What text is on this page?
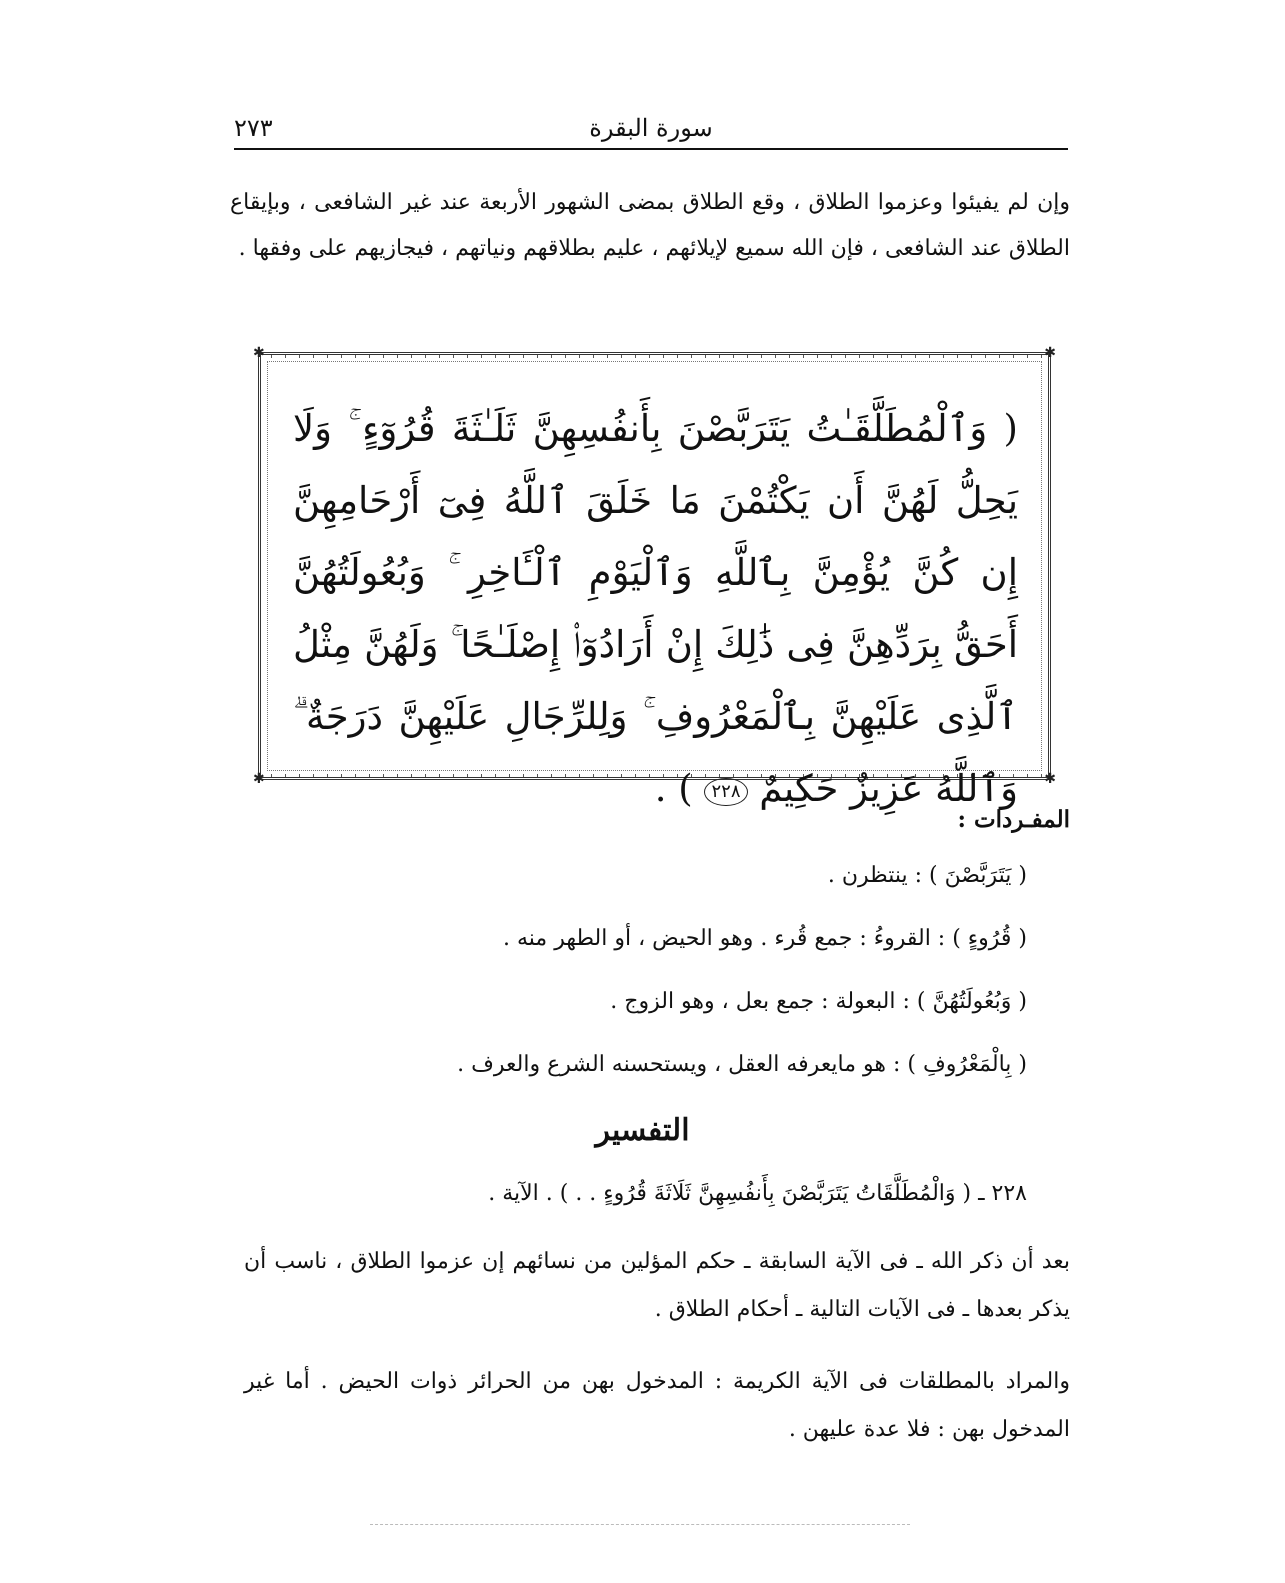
سورة البقرة
٢٧٣
وإن لم يفيئوا وعزموا الطلاق ، وقع الطلاق بمضى الشهور الأربعة عند غير الشافعى ، وبإيقاع الطلاق عند الشافعى ، فإن الله سميع لإيلائهم ، عليم بطلاقهم ونياتهم ، فيجازيهم على وفقها .
✱	✱
✱	✱
( وَٱلْمُطَلَّقَـٰتُ يَتَرَبَّصْنَ بِأَنفُسِهِنَّ ثَلَـٰثَةَ قُرُوٓءٍ ۚ وَلَا يَحِلُّ لَهُنَّ أَن يَكْتُمْنَ مَا خَلَقَ ٱللَّهُ فِىٓ أَرْحَامِهِنَّ إِن كُنَّ يُؤْمِنَّ بِٱللَّهِ وَٱلْيَوْمِ ٱلْـَٔاخِرِ ۚ وَبُعُولَتُهُنَّ أَحَقُّ بِرَدِّهِنَّ فِى ذَٰلِكَ إِنْ أَرَادُوٓا۟ إِصْلَـٰحًا ۚ وَلَهُنَّ مِثْلُ ٱلَّذِى عَلَيْهِنَّ بِٱلْمَعْرُوفِ ۚ وَلِلرِّجَالِ عَلَيْهِنَّ دَرَجَةٌ ۗ وَٱللَّهُ عَزِيزٌ حَكِيمٌ ٢٢٨ ) .
المفـردات :
( يَتَرَبَّصْنَ ) : ينتظرن .
( قُرُوءٍ ) : القروءُ : جمع قُرء . وهو الحيض ، أو الطهر منه .
( وَبُعُولَتُهُنَّ ) : البعولة : جمع بعل ، وهو الزوج .
( بِالْمَعْرُوفِ ) : هو مايعرفه العقل ، ويستحسنه الشرع والعرف .
التفسير
٢٢٨ ـ ( وَالْمُطَلَّقَاتُ يَتَرَبَّصْنَ بِأَنفُسِهِنَّ ثَلَاثَةَ قُرُوءٍ . . ) . الآية .
بعد أن ذكر الله ـ فى الآية السابقة ـ حكم المؤلين من نسائهم إن عزموا الطلاق ، ناسب أن يذكر بعدها ـ فى الآيات التالية ـ أحكام الطلاق .
والمراد بالمطلقات فى الآية الكريمة : المدخول بهن من الحرائر ذوات الحيض . أما غير المدخول بهن : فلا عدة عليهن .
